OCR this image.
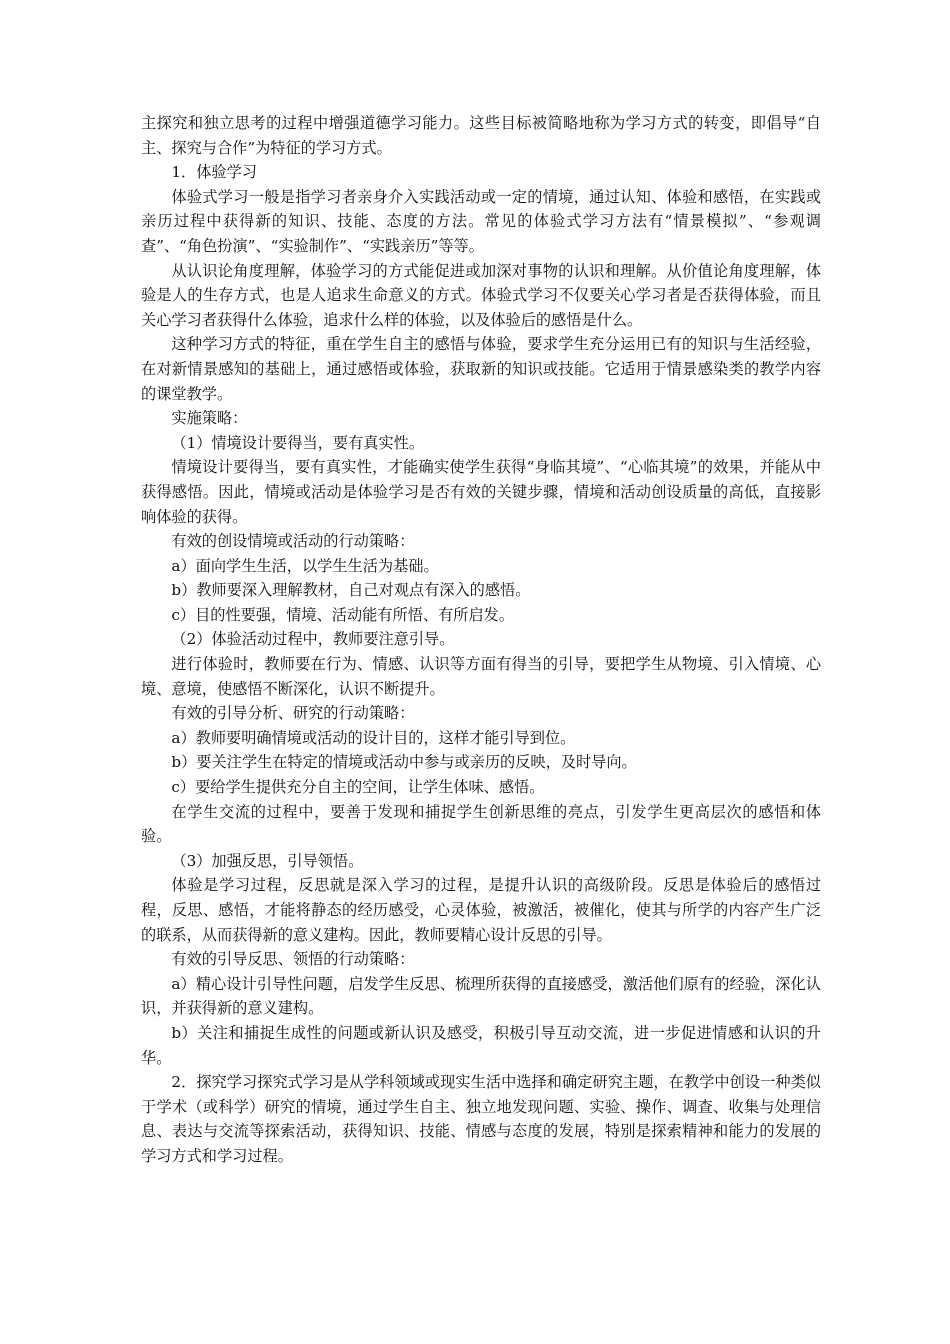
主探究和独立思考的过程中增强道德学习能力。这些目标被简略地称为学习方式的转变，即倡导“自主、探究与合作”为特征的学习方式。

1．体验学习

体验式学习一般是指学习者亲身介入实践活动或一定的情境，通过认知、体验和感悟，在实践或亲历过程中获得新的知识、技能、态度的方法。常见的体验式学习方法有“情景模拟”、“参观调查”、“角色扮演”、“实验制作”、“实践亲历”等等。

从认识论角度理解，体验学习的方式能促进或加深对事物的认识和理解。从价值论角度理解，体验是人的生存方式，也是人追求生命意义的方式。体验式学习不仅要关心学习者是否获得体验，而且关心学习者获得什么体验，追求什么样的体验，以及体验后的感悟是什么。

这种学习方式的特征，重在学生自主的感悟与体验，要求学生充分运用已有的知识与生活经验，在对新情景感知的基础上，通过感悟或体验，获取新的知识或技能。它适用于情景感染类的教学内容的课堂教学。

实施策略：

（1）情境设计要得当，要有真实性。

情境设计要得当，要有真实性，才能确实使学生获得“身临其境”、“心临其境”的效果，并能从中获得感悟。因此，情境或活动是体验学习是否有效的关键步骤，情境和活动创设质量的高低，直接影响体验的获得。

有效的创设情境或活动的行动策略：

a）面向学生生活，以学生生活为基础。

b）教师要深入理解教材，自己对观点有深入的感悟。

c）目的性要强，情境、活动能有所悟、有所启发。

（2）体验活动过程中，教师要注意引导。

进行体验时，教师要在行为、情感、认识等方面有得当的引导，要把学生从物境、引入情境、心境、意境，使感悟不断深化，认识不断提升。

有效的引导分析、研究的行动策略：

a）教师要明确情境或活动的设计目的，这样才能引导到位。

b）要关注学生在特定的情境或活动中参与或亲历的反映，及时导向。

c）要给学生提供充分自主的空间，让学生体味、感悟。

在学生交流的过程中，要善于发现和捕捉学生创新思维的亮点，引发学生更高层次的感悟和体验。

（3）加强反思，引导领悟。

体验是学习过程，反思就是深入学习的过程，是提升认识的高级阶段。反思是体验后的感悟过程，反思、感悟，才能将静态的经历感受，心灵体验，被激活，被催化，使其与所学的内容产生广泛的联系，从而获得新的意义建构。因此，教师要精心设计反思的引导。

有效的引导反思、领悟的行动策略：

a）精心设计引导性问题，启发学生反思、梳理所获得的直接感受，激活他们原有的经验，深化认识，并获得新的意义建构。

b）关注和捕捉生成性的问题或新认识及感受，积极引导互动交流，进一步促进情感和认识的升华。

2．探究学习探究式学习是从学科领域或现实生活中选择和确定研究主题，在教学中创设一种类似于学术（或科学）研究的情境，通过学生自主、独立地发现问题、实验、操作、调查、收集与处理信息、表达与交流等探索活动，获得知识、技能、情感与态度的发展，特别是探索精神和能力的发展的学习方式和学习过程。
